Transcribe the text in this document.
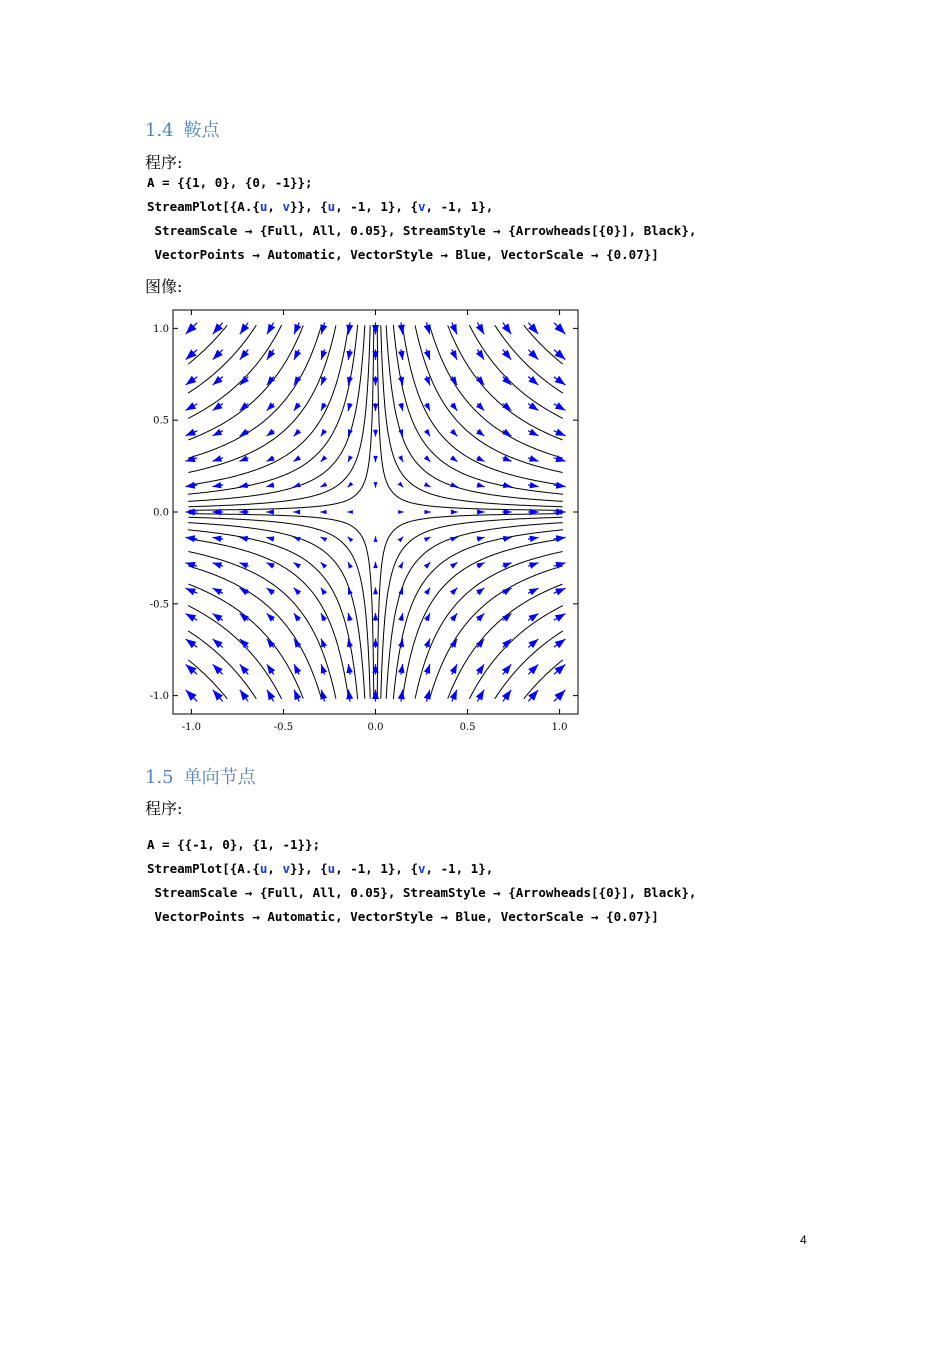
1.4 鞍点
程序:
A = {{1, 0}, {0, -1}};
StreamPlot[{A.{u, v}}, {u, -1, 1}, {v, -1, 1},
StreamScale → {Full, All, 0.05}, StreamStyle → {Arrowheads[{0}], Black},
VectorPoints → Automatic, VectorStyle → Blue, VectorScale → {0.07}]
图像:
-1.0	-0.5	0.0	0.5	1.0
1.0
0.5
0.0
-0.5
-1.0
1.5 单向节点
程序:
A = {{-1, 0}, {1, -1}};
StreamPlot[{A.{u, v}}, {u, -1, 1}, {v, -1, 1},
StreamScale → {Full, All, 0.05}, StreamStyle → {Arrowheads[{0}], Black},
VectorPoints → Automatic, VectorStyle → Blue, VectorScale → {0.07}]
4
